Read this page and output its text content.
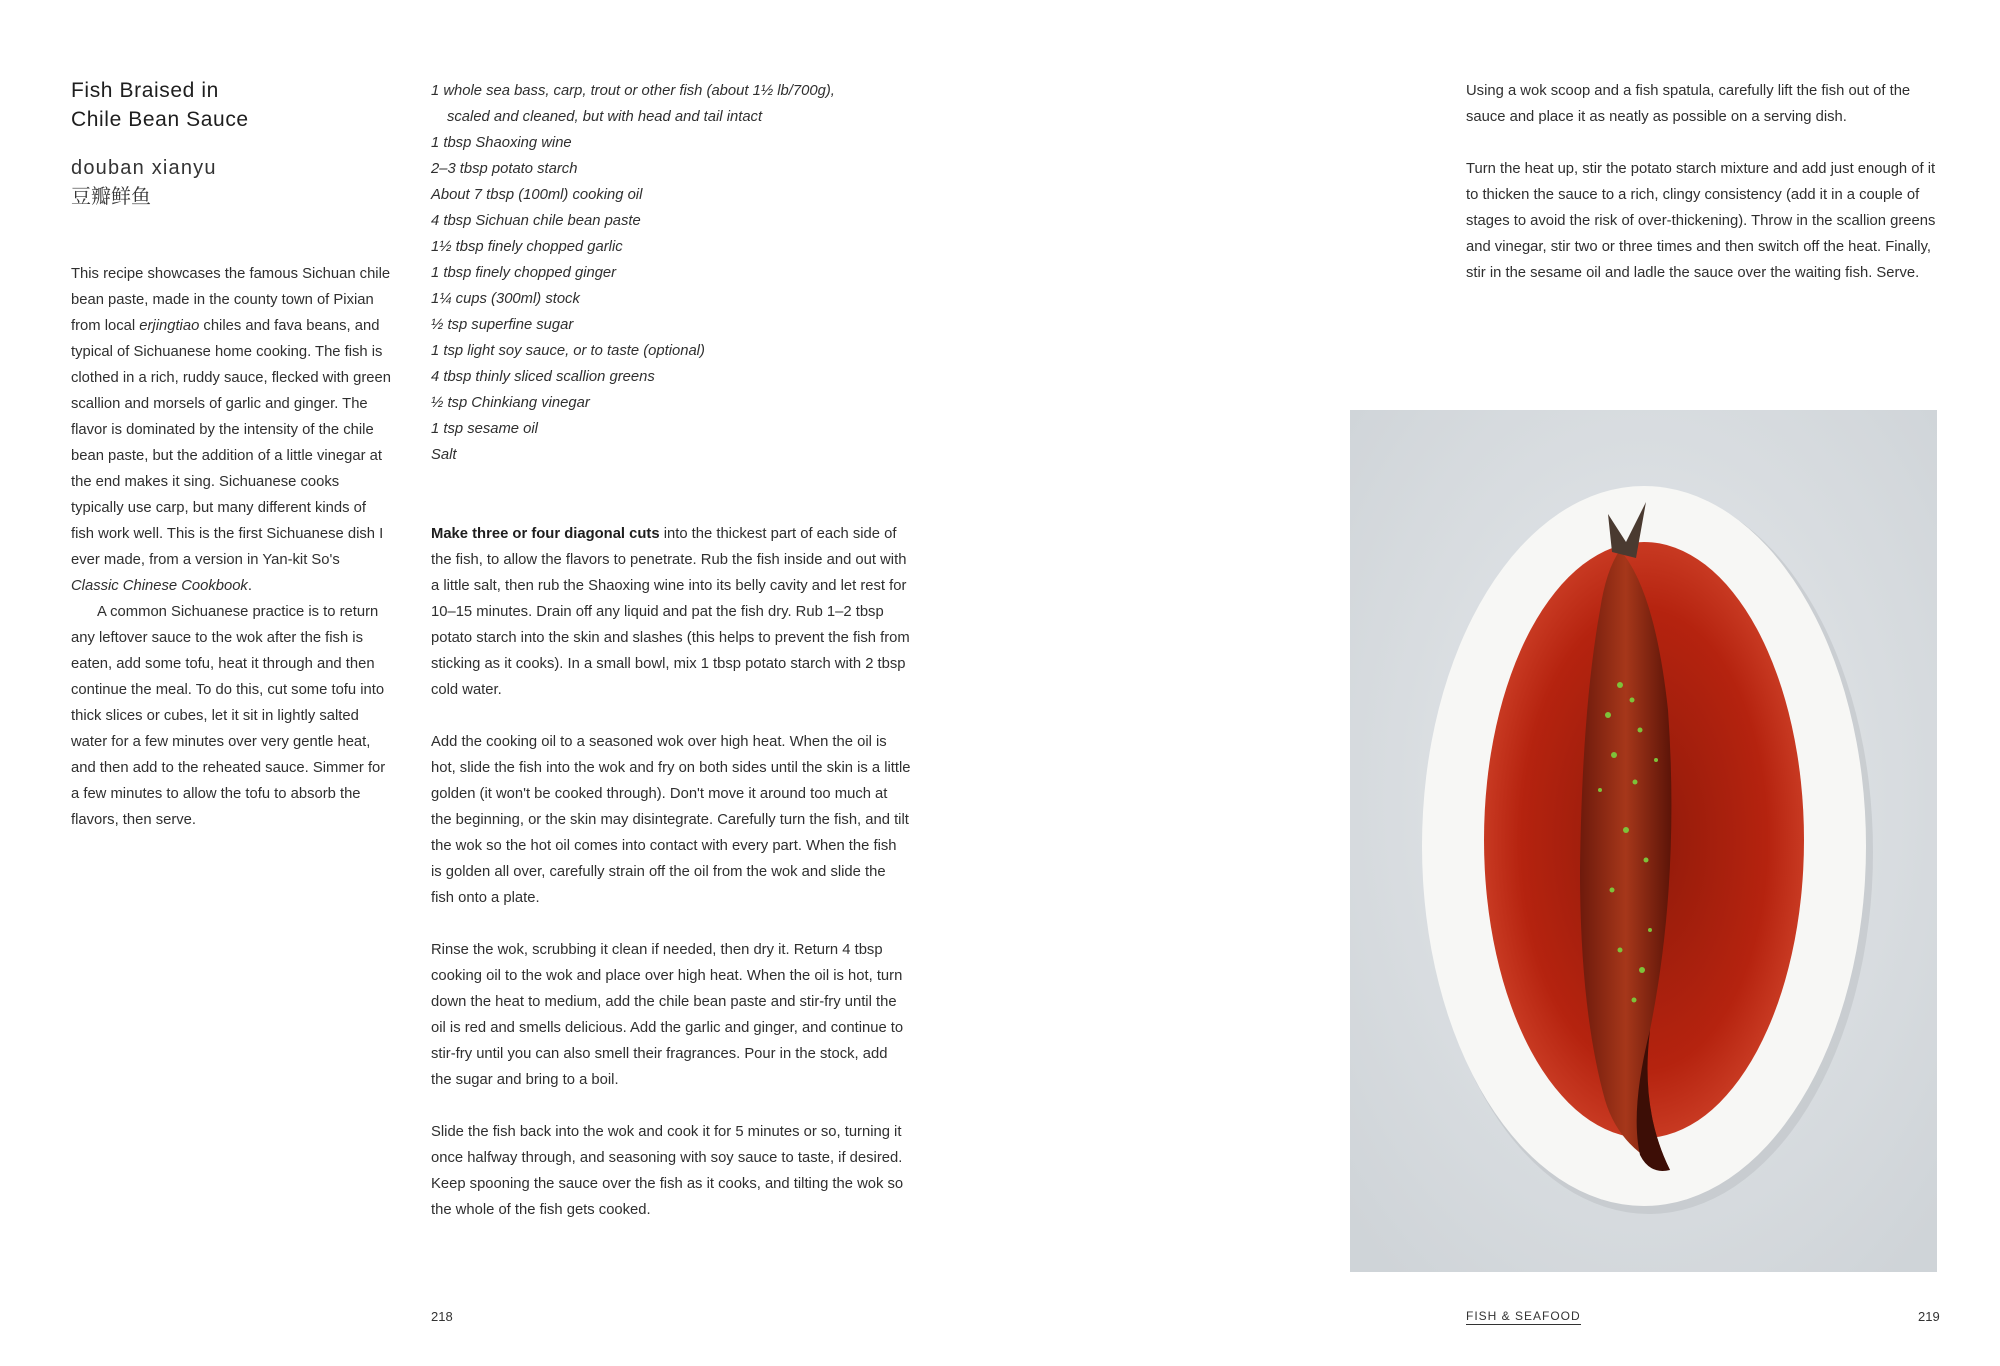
Fish Braised in
Chile Bean Sauce
douban xianyu
豆瓣鲜鱼

This recipe showcases the famous Sichuan chile bean paste, made in the county town of Pixian from local erjingtiao chiles and fava beans, and typical of Sichuanese home cooking. The fish is clothed in a rich, ruddy sauce, flecked with green scallion and morsels of garlic and ginger. The flavor is dominated by the intensity of the chile bean paste, but the addition of a little vinegar at the end makes it sing. Sichuanese cooks typically use carp, but many different kinds of fish work well. This is the first Sichuanese dish I ever made, from a version in Yan-kit So's Classic Chinese Cookbook.

A common Sichuanese practice is to return any leftover sauce to the wok after the fish is eaten, add some tofu, heat it through and then continue the meal. To do this, cut some tofu into thick slices or cubes, let it sit in lightly salted water for a few minutes over very gentle heat, and then add to the reheated sauce. Simmer for a few minutes to allow the tofu to absorb the flavors, then serve.

1 whole sea bass, carp, trout or other fish (about 1½ lb/700g),
scaled and cleaned, but with head and tail intact
1 tbsp Shaoxing wine
2–3 tbsp potato starch
About 7 tbsp (100ml) cooking oil
4 tbsp Sichuan chile bean paste
1½ tbsp finely chopped garlic
1 tbsp finely chopped ginger
1¼ cups (300ml) stock
½ tsp superfine sugar
1 tsp light soy sauce, or to taste (optional)
4 tbsp thinly sliced scallion greens
½ tsp Chinkiang vinegar
1 tsp sesame oil
Salt

Make three or four diagonal cuts into the thickest part of each side of the fish, to allow the flavors to penetrate. Rub the fish inside and out with a little salt, then rub the Shaoxing wine into its belly cavity and let rest for 10–15 minutes. Drain off any liquid and pat the fish dry. Rub 1–2 tbsp potato starch into the skin and slashes (this helps to prevent the fish from sticking as it cooks). In a small bowl, mix 1 tbsp potato starch with 2 tbsp cold water.

Add the cooking oil to a seasoned wok over high heat. When the oil is hot, slide the fish into the wok and fry on both sides until the skin is a little golden (it won't be cooked through). Don't move it around too much at the beginning, or the skin may disintegrate. Carefully turn the fish, and tilt the wok so the hot oil comes into contact with every part. When the fish is golden all over, carefully strain off the oil from the wok and slide the fish onto a plate.

Rinse the wok, scrubbing it clean if needed, then dry it. Return 4 tbsp cooking oil to the wok and place over high heat. When the oil is hot, turn down the heat to medium, add the chile bean paste and stir-fry until the oil is red and smells delicious. Add the garlic and ginger, and continue to stir-fry until you can also smell their fragrances. Pour in the stock, add the sugar and bring to a boil.

Slide the fish back into the wok and cook it for 5 minutes or so, turning it once halfway through, and seasoning with soy sauce to taste, if desired. Keep spooning the sauce over the fish as it cooks, and tilting the wok so the whole of the fish gets cooked.

218

Using a wok scoop and a fish spatula, carefully lift the fish out of the sauce and place it as neatly as possible on a serving dish.

Turn the heat up, stir the potato starch mixture and add just enough of it to thicken the sauce to a rich, clingy consistency (add it in a couple of stages to avoid the risk of over-thickening). Throw in the scallion greens and vinegar, stir two or three times and then switch off the heat. Finally, stir in the sesame oil and ladle the sauce over the waiting fish. Serve.

FISH & SEAFOOD	219
